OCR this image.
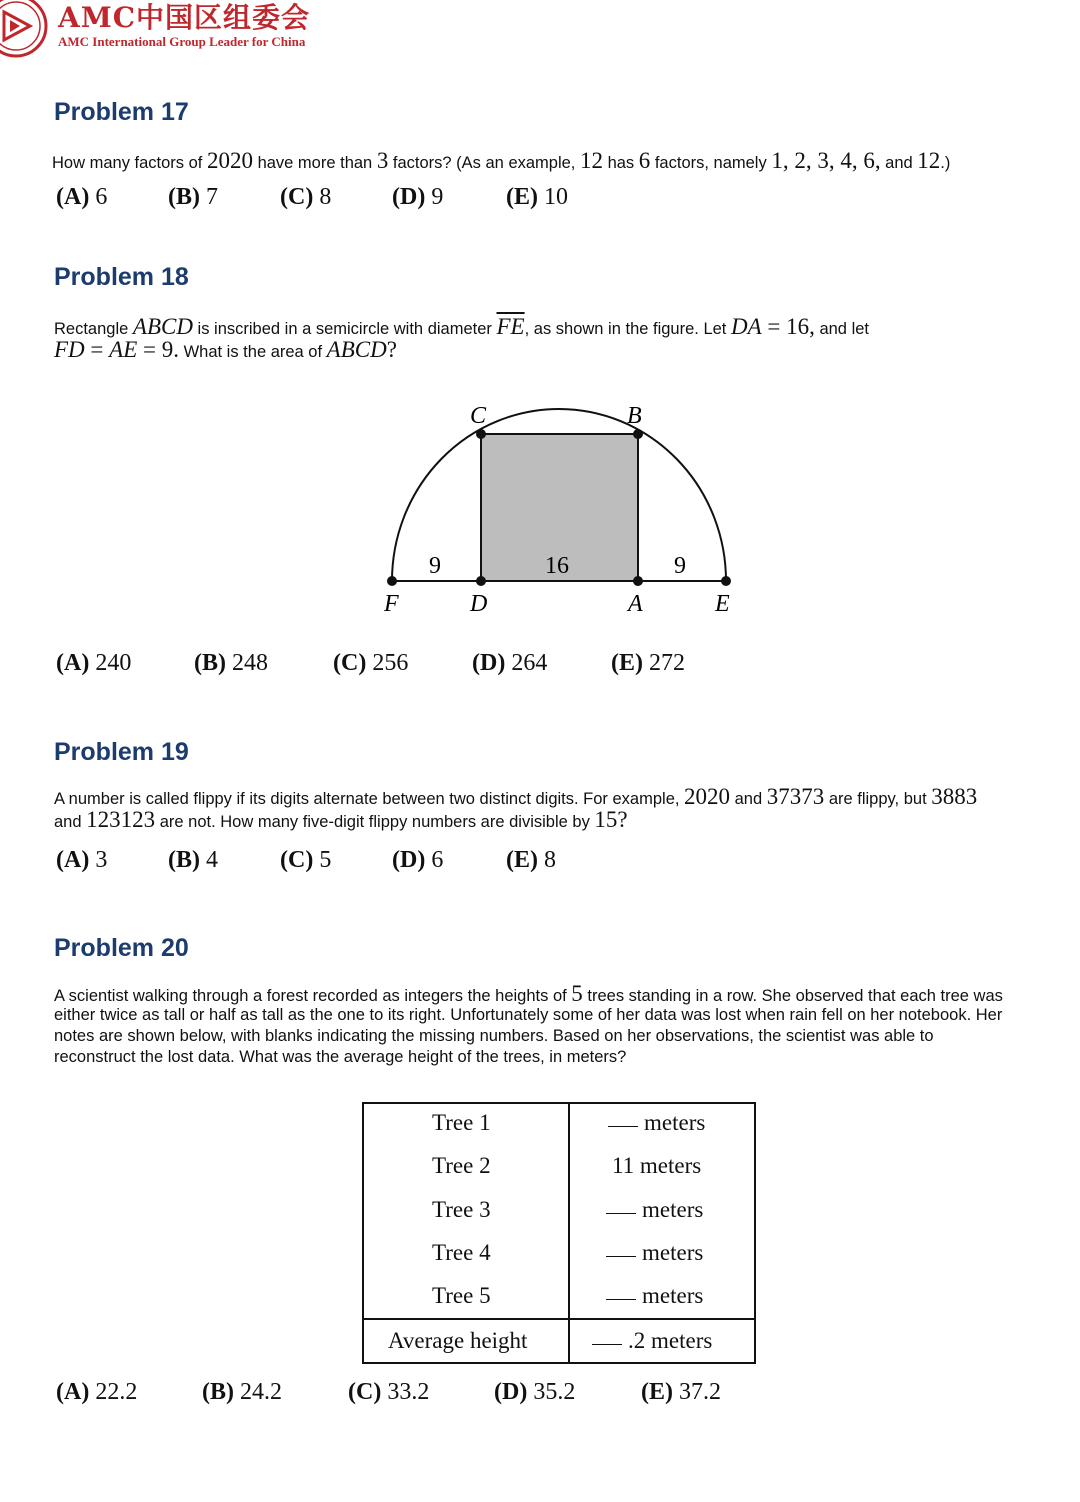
AMC中国区组委会
AMC International Group Leader for China
Problem 17
How many factors of 2020 have more than 3 factors? (As an example, 12 has 6 factors, namely 1, 2, 3, 4, 6, and 12.)
(A) 6	(B) 7	(C) 8	(D) 9	(E) 10
Problem 18
Rectangle ABCD is inscribed in a semicircle with diameter $\overline{FE}$, as shown in the figure. Let DA = 16, and let
FD = AE = 9. What is the area of ABCD?
C	B
F	D	A	E
9	16	9
(A) 240	(B) 248	(C) 256	(D) 264	(E) 272
Problem 19
A number is called flippy if its digits alternate between two distinct digits. For example, 2020 and 37373 are flippy, but 3883
and 123123 are not. How many five-digit flippy numbers are divisible by 15?
(A) 3	(B) 4	(C) 5	(D) 6	(E) 8
Problem 20
A scientist walking through a forest recorded as integers the heights of 5 trees standing in a row. She observed that each tree was
either twice as tall or half as tall as the one to its right. Unfortunately some of her data was lost when rain fell on her notebook. Her
notes are shown below, with blanks indicating the missing numbers. Based on her observations, the scientist was able to
reconstruct the lost data. What was the average height of the trees, in meters?
Tree 1	meters
Tree 2	11 meters
Tree 3	meters
Tree 4	meters
Tree 5	meters
Average height	.2 meters
(A) 22.2	(B) 24.2	(C) 33.2	(D) 35.2	(E) 37.2
